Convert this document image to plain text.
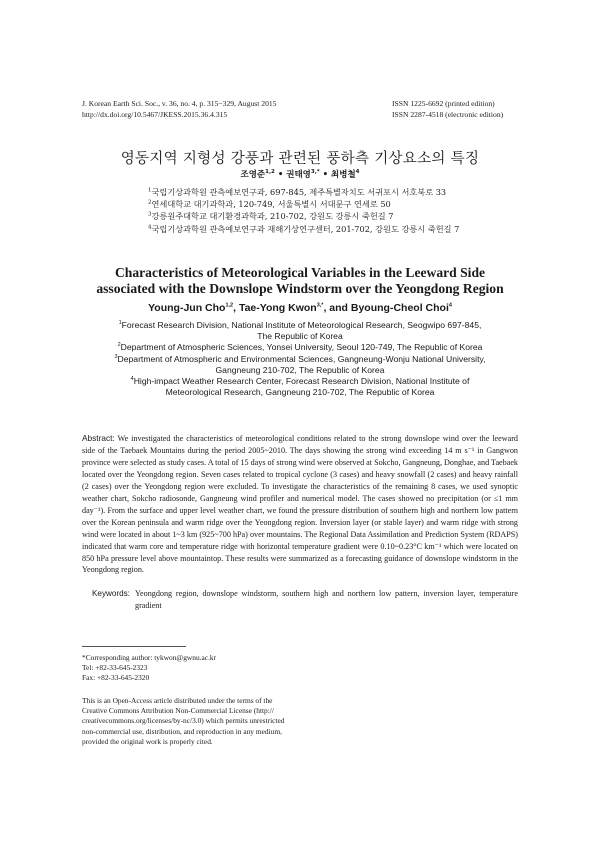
J. Korean Earth Sci. Soc., v. 36, no. 4, p. 315−329, August 2015
http://dx.doi.org/10.5467/JKESS.2015.36.4.315
ISSN 1225-6692 (printed edition)
ISSN 2287-4518 (electronic edition)
영동지역 지형성 강풍과 관련된 풍하측 기상요소의 특징
조영준$^{1,2}$ • 권태영$^{3,*}$ • 최병철$^4$
$^1$국립기상과학원 관측예보연구과, 697-845, 제주특별자치도 서귀포시 서호북로 33
$^2$연세대학교 대기과학과, 120-749, 서울특별시 서대문구 연세로 50
$^3$강릉원주대학교 대기환경과학과, 210-702, 강원도 강릉시 죽헌길 7
$^4$국립기상과학원 관측예보연구과 재해기상연구센터, 201-702, 강원도 강릉시 죽헌길 7
Characteristics of Meteorological Variables in the Leeward Side
associated with the Downslope Windstorm over the Yeongdong Region
Young-Jun Cho$^{1,2}$, Tae-Yong Kwon$^{3,*}$, and Byoung-Cheol Choi$^4$
$^1$Forecast Research Division, National Institute of Meteorological Research, Seogwipo 697-845,
The Republic of Korea
$^2$Department of Atmospheric Sciences, Yonsei University, Seoul 120-749, The Republic of Korea
$^3$Department of Atmospheric and Environmental Sciences, Gangneung-Wonju National University,
Gangneung 210-702, The Republic of Korea
$^4$High-impact Weather Research Center, Forecast Research Division, National Institute of
Meteorological Research, Gangneung 210-702, The Republic of Korea
Abstract: We investigated the characteristics of meteorological conditions related to the strong downslope wind over the leeward side of the Taebaek Mountains during the period 2005~2010. The days showing the strong wind exceeding 14 m s⁻¹ in Gangwon province were selected as study cases. A total of 15 days of strong wind were observed at Sokcho, Gangneung, Donghae, and Taebaek located over the Yeongdong region. Seven cases related to tropical cyclone (3 cases) and heavy snowfall (2 cases) and heavy rainfall (2 cases) over the Yeongdong region were excluded. To investigate the characteristics of the remaining 8 cases, we used synoptic weather chart, Sokcho radiosonde, Gangneung wind profiler and numerical model. The cases showed no precipitation (or ≤1 mm day⁻¹). From the surface and upper level weather chart, we found the pressure distribution of southern high and northern low pattern over the Korean peninsula and warm ridge over the Yeongdong region. Inversion layer (or stable layer) and warm ridge with strong wind were located in about 1~3 km (925~700 hPa) over mountains. The Regional Data Assimilation and Prediction System (RDAPS) indicated that warm core and temperature ridge with horizontal temperature gradient were 0.10~0.23°C km⁻¹ which were located on 850 hPa pressure level above mountaintop. These results were summarized as a forecasting guidance of downslope windstorm in the Yeongdong region.
Keywords: Yeongdong region, downslope windstorm, southern high and northern low pattern, inversion layer, temperature gradient
*Corresponding author: tykwon@gwnu.ac.kr
Tel: +82-33-645-2323
Fax: +82-33-645-2320
This is an Open-Access article distributed under the terms of the
Creative Commons Attribution Non-Commercial License (http://
creativecommons.org/licenses/by-nc/3.0) which permits unrestricted
non-commercial use, distribution, and reproduction in any medium,
provided the original work is properly cited.
